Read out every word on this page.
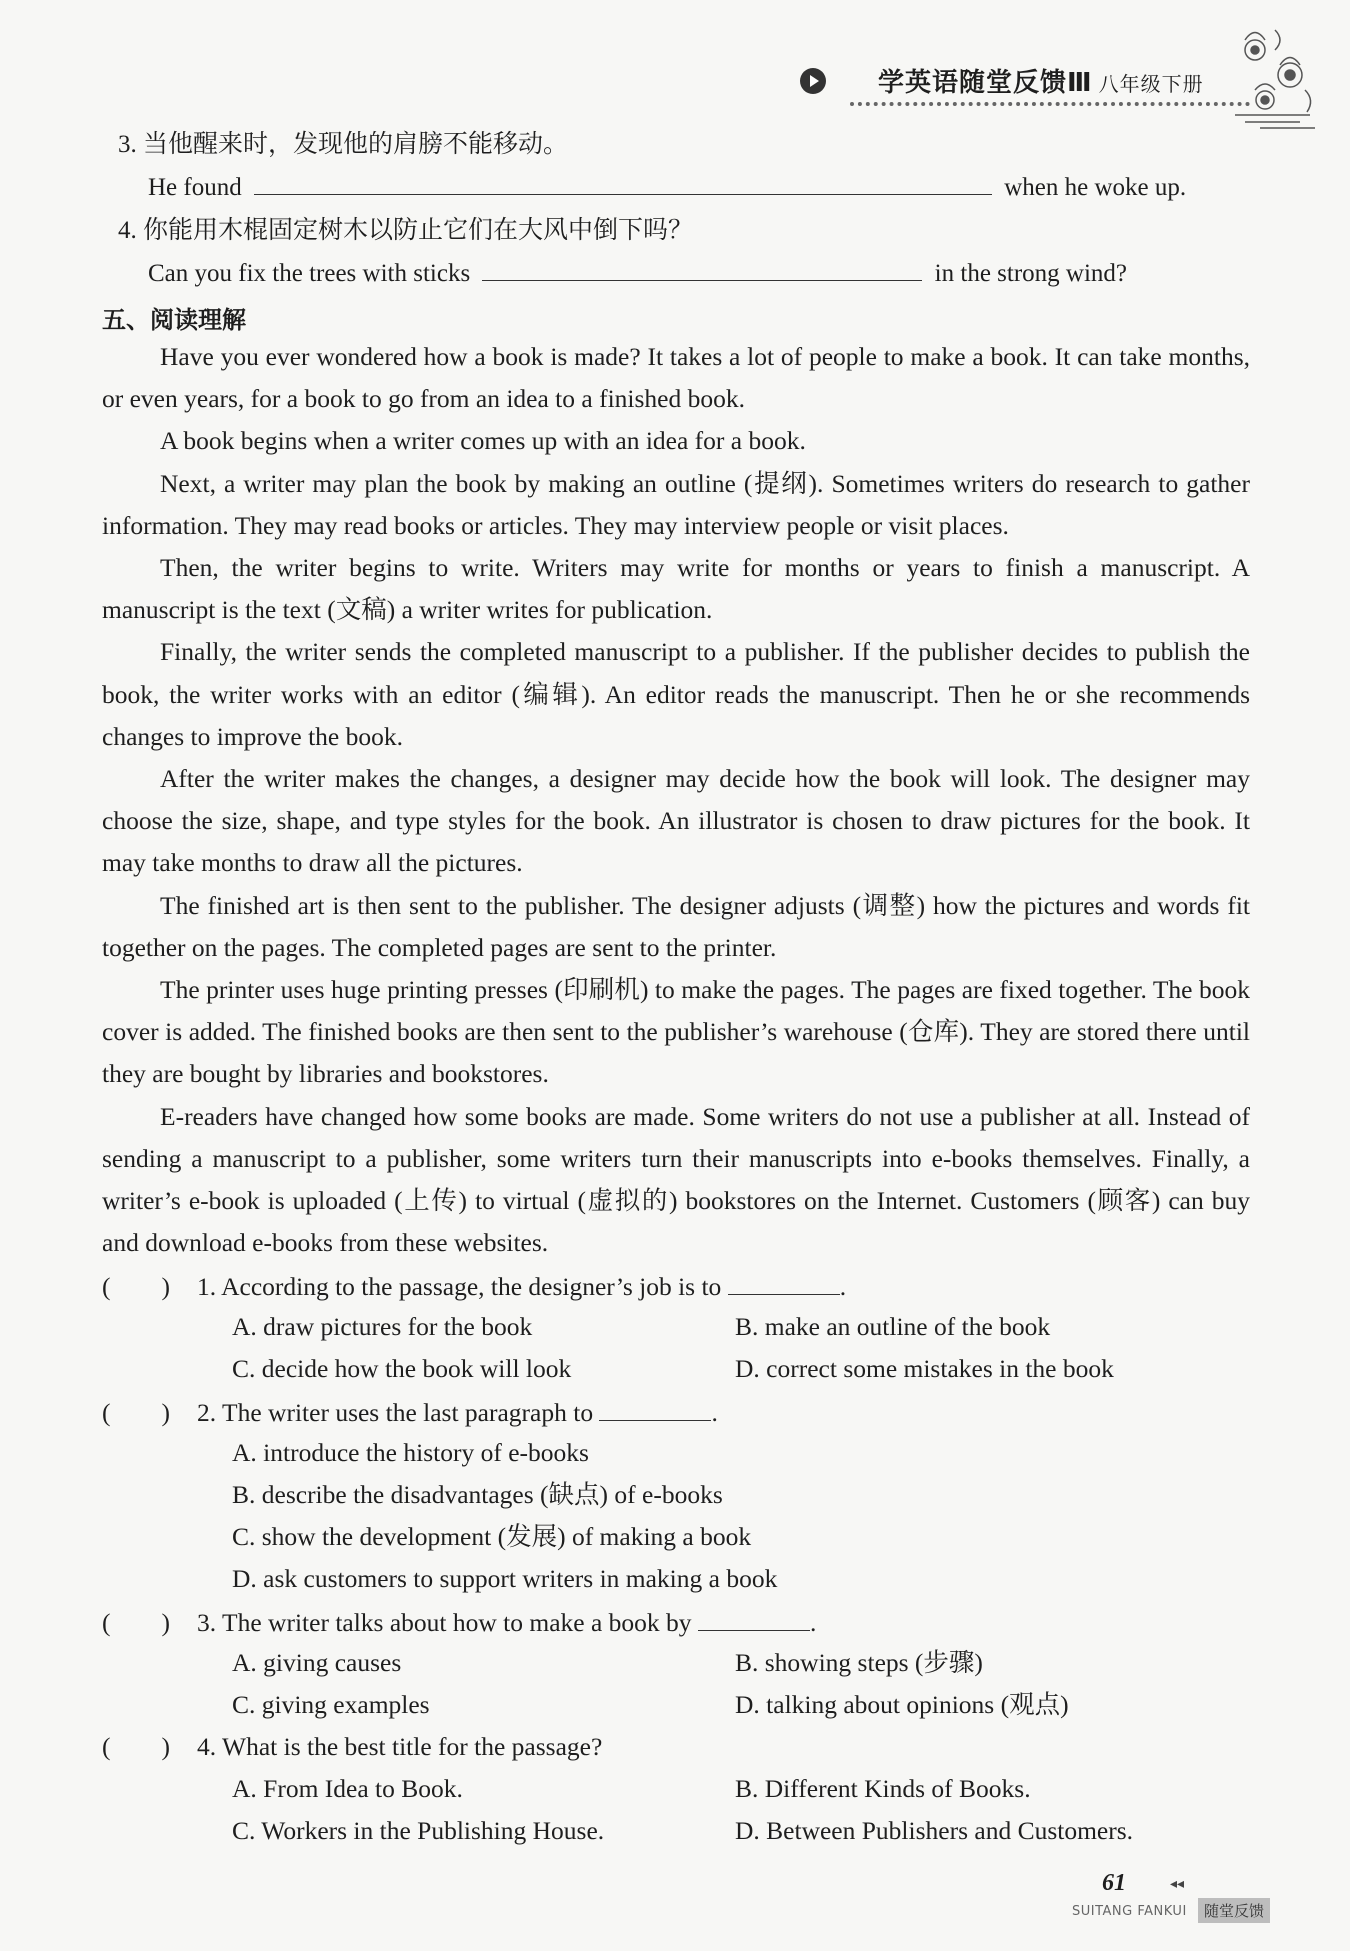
学英语随堂反馈Ⅲ 八年级下册
3. 当他醒来时，发现他的肩膀不能移动。
He found	when he woke up.
4. 你能用木棍固定树木以防止它们在大风中倒下吗？
Can you fix the trees with sticks	in the strong wind?
五、阅读理解

Have you ever wondered how a book is made? It takes a lot of people to make a book. It can take months, or even years, for a book to go from an idea to a finished book.

A book begins when a writer comes up with an idea for a book.

Next, a writer may plan the book by making an outline (提纲). Sometimes writers do research to gather information. They may read books or articles. They may interview people or visit places.

Then, the writer begins to write. Writers may write for months or years to finish a manuscript. A manuscript is the text (文稿) a writer writes for publication.

Finally, the writer sends the completed manuscript to a publisher. If the publisher decides to publish the book, the writer works with an editor (编辑). An editor reads the manuscript. Then he or she recommends changes to improve the book.

After the writer makes the changes, a designer may decide how the book will look. The designer may choose the size, shape, and type styles for the book. An illustrator is chosen to draw pictures for the book. It may take months to draw all the pictures.

The finished art is then sent to the publisher. The designer adjusts (调整) how the pictures and words fit together on the pages. The completed pages are sent to the printer.

The printer uses huge printing presses (印刷机) to make the pages. The pages are fixed together. The book cover is added. The finished books are then sent to the publisher’s warehouse (仓库). They are stored there until they are bought by libraries and bookstores.

E-readers have changed how some books are made. Some writers do not use a publisher at all. Instead of sending a manuscript to a publisher, some writers turn their manuscripts into e-books themselves. Finally, a writer’s e-book is uploaded (上传) to virtual (虚拟的) bookstores on the Internet. Customers (顾客) can buy and download e-books from these websites.

(　　) 1. According to the passage, the designer’s job is to	.
A. draw pictures for the book	B. make an outline of the book
C. decide how the book will look	D. correct some mistakes in the book
(　　) 2. The writer uses the last paragraph to	.
A. introduce the history of e-books
B. describe the disadvantages (缺点) of e-books
C. show the development (发展) of making a book
D. ask customers to support writers in making a book
(　　) 3. The writer talks about how to make a book by	.
A. giving causes	B. showing steps (步骤)
C. giving examples	D. talking about opinions (观点)
(　　) 4. What is the best title for the passage?
A. From Idea to Book.	B. Different Kinds of Books.
C. Workers in the Publishing House.	D. Between Publishers and Customers.
61	◂◂
SUITANG FANKUI	随堂反馈
